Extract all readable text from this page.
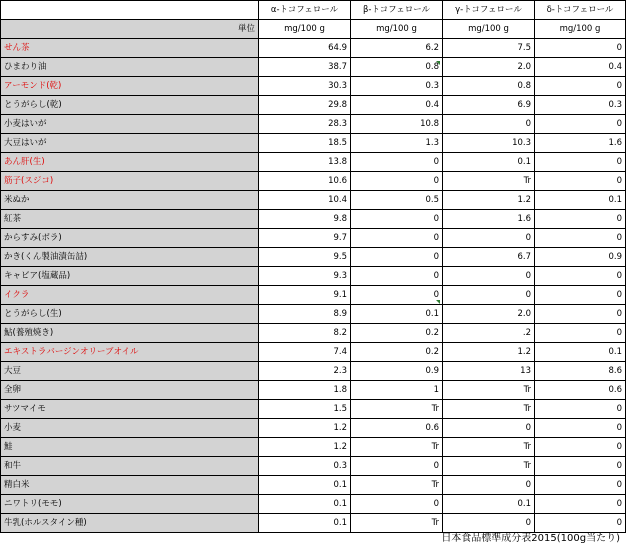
	α-トコフェロール	β-トコフェロール	γ-トコフェロール	δ-トコフェロール
単位	mg/100 g	mg/100 g	mg/100 g	mg/100 g
せん茶	64.9	6.2	7.5	0
ひまわり油	38.7	0.8	2.0	0.4
アーモンド(乾)	30.3	0.3	0.8	0
とうがらし(乾)	29.8	0.4	6.9	0.3
小麦はいが	28.3	10.8	0	0
大豆はいが	18.5	1.3	10.3	1.6
あん肝(生)	13.8	0	0.1	0
筋子(スジコ)	10.6	0	Tr	0
米ぬか	10.4	0.5	1.2	0.1
紅茶	9.8	0	1.6	0
からすみ(ボラ)	9.7	0	0	0
かき(くん製油漬缶詰)	9.5	0	6.7	0.9
キャビア(塩蔵品)	9.3	0	0	0
イクラ	9.1	0	0	0
とうがらし(生)	8.9	0.1	2.0	0
鮎(養殖焼き)	8.2	0.2	.2	0
エキストラバージンオリーブオイル	7.4	0.2	1.2	0.1
大豆	2.3	0.9	13	8.6
全卵	1.8	1	Tr	0.6
サツマイモ	1.5	Tr	Tr	0
小麦	1.2	0.6	0	0
鮭	1.2	Tr	Tr	0
和牛	0.3	0	Tr	0
精白米	0.1	Tr	0	0
ニワトリ(モモ)	0.1	0	0.1	0
牛乳(ホルスタイン種)	0.1	Tr	0	0
日本食品標準成分表2015(100g当たり)
